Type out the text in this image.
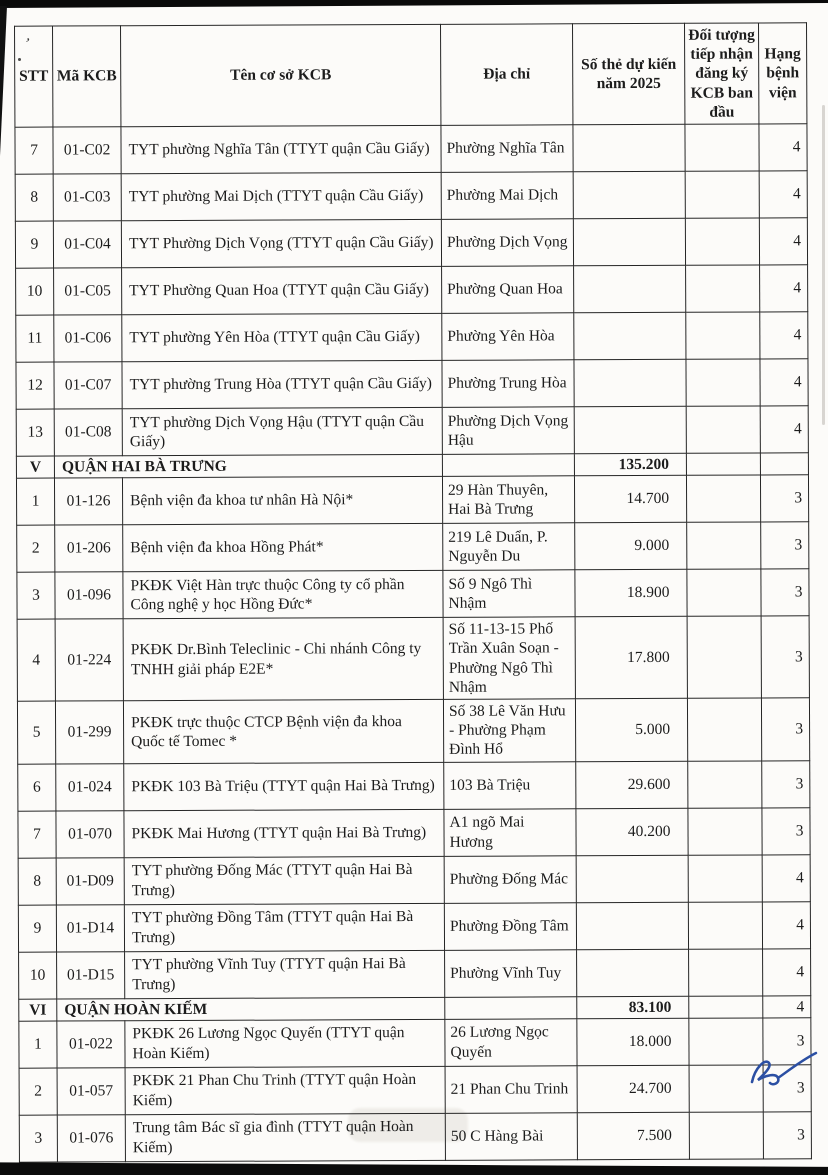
’
STT	Mã KCB	Tên cơ sở KCB	Địa chỉ	Số thẻ dự kiến năm 2025	Đối tượng tiếp nhận đăng ký KCB ban đầu	Hạng bệnh viện
7	01-C02	TYT phường Nghĩa Tân (TTYT quận Cầu Giấy)	Phường Nghĩa Tân			4
8	01-C03	TYT phường Mai Dịch (TTYT quận Cầu Giấy)	Phường Mai Dịch			4
9	01-C04	TYT Phường Dịch Vọng (TTYT quận Cầu Giấy)	Phường Dịch Vọng			4
10	01-C05	TYT Phường Quan Hoa (TTYT quận Cầu Giấy)	Phường Quan Hoa			4
11	01-C06	TYT phường Yên Hòa (TTYT quận Cầu Giấy)	Phường Yên Hòa			4
12	01-C07	TYT phường Trung Hòa (TTYT quận Cầu Giấy)	Phường Trung Hòa			4
13	01-C08	TYT phường Dịch Vọng Hậu (TTYT quận Cầu Giấy)	Phường Dịch Vọng Hậu			4
V	QUẬN HAI BÀ TRƯNG			135.200		
1	01-126	Bệnh viện đa khoa tư nhân Hà Nội*	29 Hàn Thuyên, Hai Bà Trưng	14.700		3
2	01-206	Bệnh viện đa khoa Hồng Phát*	219 Lê Duẩn, P. Nguyễn Du	9.000		3
3	01-096	PKĐK Việt Hàn trực thuộc Công ty cổ phần Công nghệ y học Hồng Đức*	Số 9 Ngô Thì Nhậm	18.900		3
4	01-224	PKĐK Dr.Bình Teleclinic - Chi nhánh Công ty TNHH giải pháp E2E*	Số 11-13-15 Phố Trần Xuân Soạn - Phường Ngô Thì Nhậm	17.800		3
5	01-299	PKĐK trực thuộc CTCP Bệnh viện đa khoa Quốc tế Tomec *	Số 38 Lê Văn Hưu - Phường Phạm Đình Hổ	5.000		3
6	01-024	PKĐK 103 Bà Triệu (TTYT quận Hai Bà Trưng)	103 Bà Triệu	29.600		3
7	01-070	PKĐK Mai Hương (TTYT quận Hai Bà Trưng)	A1 ngõ Mai Hương	40.200		3
8	01-D09	TYT phường Đống Mác (TTYT quận Hai Bà Trưng)	Phường Đống Mác			4
9	01-D14	TYT phường Đồng Tâm (TTYT quận Hai Bà Trưng)	Phường Đồng Tâm			4
10	01-D15	TYT phường Vĩnh Tuy (TTYT quận Hai Bà Trưng)	Phường Vĩnh Tuy			4
VI	QUẬN HOÀN KIẾM			83.100		4
1	01-022	PKĐK 26 Lương Ngọc Quyến (TTYT quận Hoàn Kiếm)	26 Lương Ngọc Quyến	18.000		3
2	01-057	PKĐK 21 Phan Chu Trinh (TTYT quận Hoàn Kiếm)	21 Phan Chu Trinh	24.700		3
3	01-076	Trung tâm Bác sĩ gia đình (TTYT quận Hoàn Kiếm)	50 C Hàng Bài	7.500		3
